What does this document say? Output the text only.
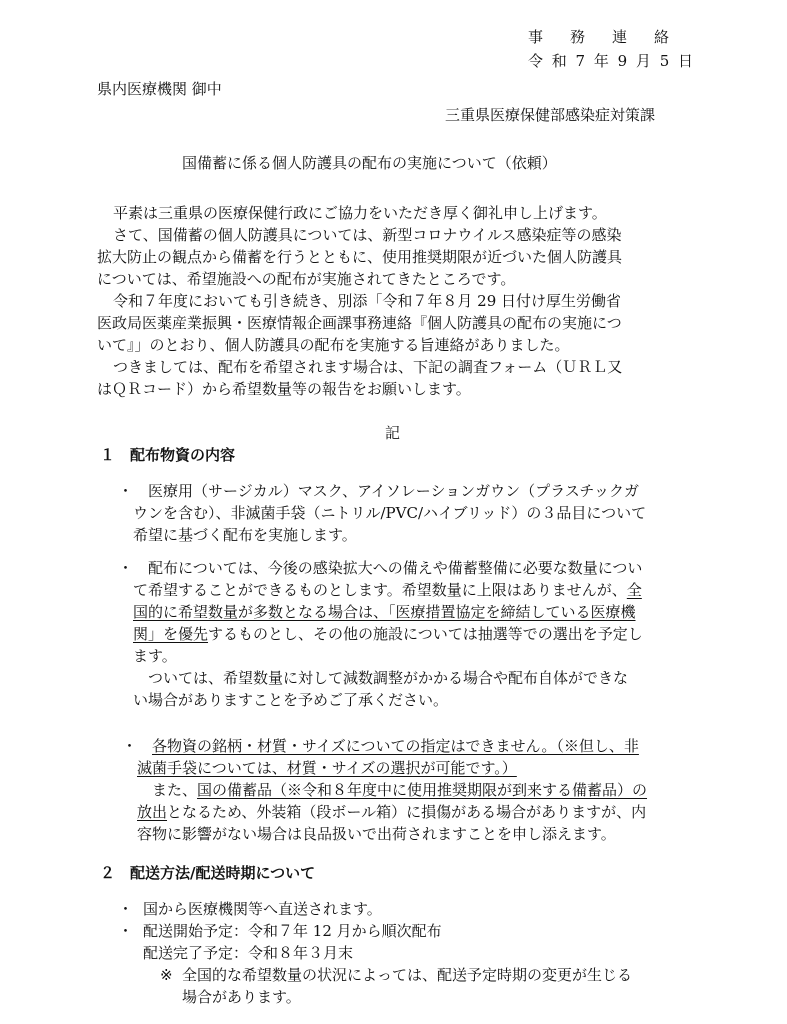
事　務　連　絡
令 和 7 年 9 月 5 日
県内医療機関 御中
三重県医療保健部感染症対策課
国備蓄に係る個人防護具の配布の実施について（依頼）
平素は三重県の医療保健行政にご協力をいただき厚く御礼申し上げます。
さて、国備蓄の個人防護具については、新型コロナウイルス感染症等の感染
拡大防止の観点から備蓄を行うとともに、使用推奨期限が近づいた個人防護具
については、希望施設への配布が実施されてきたところです。
令和７年度においても引き続き、別添「令和７年８月 29 日付け厚生労働省
医政局医薬産業振興・医療情報企画課事務連絡『個人防護具の配布の実施につ
いて』」のとおり、個人防護具の配布を実施する旨連絡がありました。
つきましては、配布を希望されます場合は、下記の調査フォーム（ＵＲＬ又
はＱＲコード）から希望数量等の報告をお願いします。
記
１　配布物資の内容
・ 医療用（サージカル）マスク、アイソレーションガウン（プラスチックガ
ウンを含む）、非滅菌手袋（ニトリル/PVC/ハイブリッド）の３品目について
希望に基づく配布を実施します。
・ 配布については、今後の感染拡大への備えや備蓄整備に必要な数量につい
て希望することができるものとします。希望数量に上限はありませんが、全
国的に希望数量が多数となる場合は、「医療措置協定を締結している医療機
関」を優先するものとし、その他の施設については抽選等での選出を予定し
ます。
ついては、希望数量に対して減数調整がかかる場合や配布自体ができな
い場合がありますことを予めご了承ください。
・ 各物資の銘柄・材質・サイズについての指定はできません。（※但し、非
滅菌手袋については、材質・サイズの選択が可能です。）
また、国の備蓄品（※令和８年度中に使用推奨期限が到来する備蓄品）の
放出となるため、外装箱（段ボール箱）に損傷がある場合がありますが、内
容物に影響がない場合は良品扱いで出荷されますことを申し添えます。
２　配送方法/配送時期について
・ 国から医療機関等へ直送されます。
・ 配送開始予定：令和７年 12 月から順次配布
配送完了予定：令和８年３月末
※ 全国的な希望数量の状況によっては、配送予定時期の変更が生じる
場合があります。
